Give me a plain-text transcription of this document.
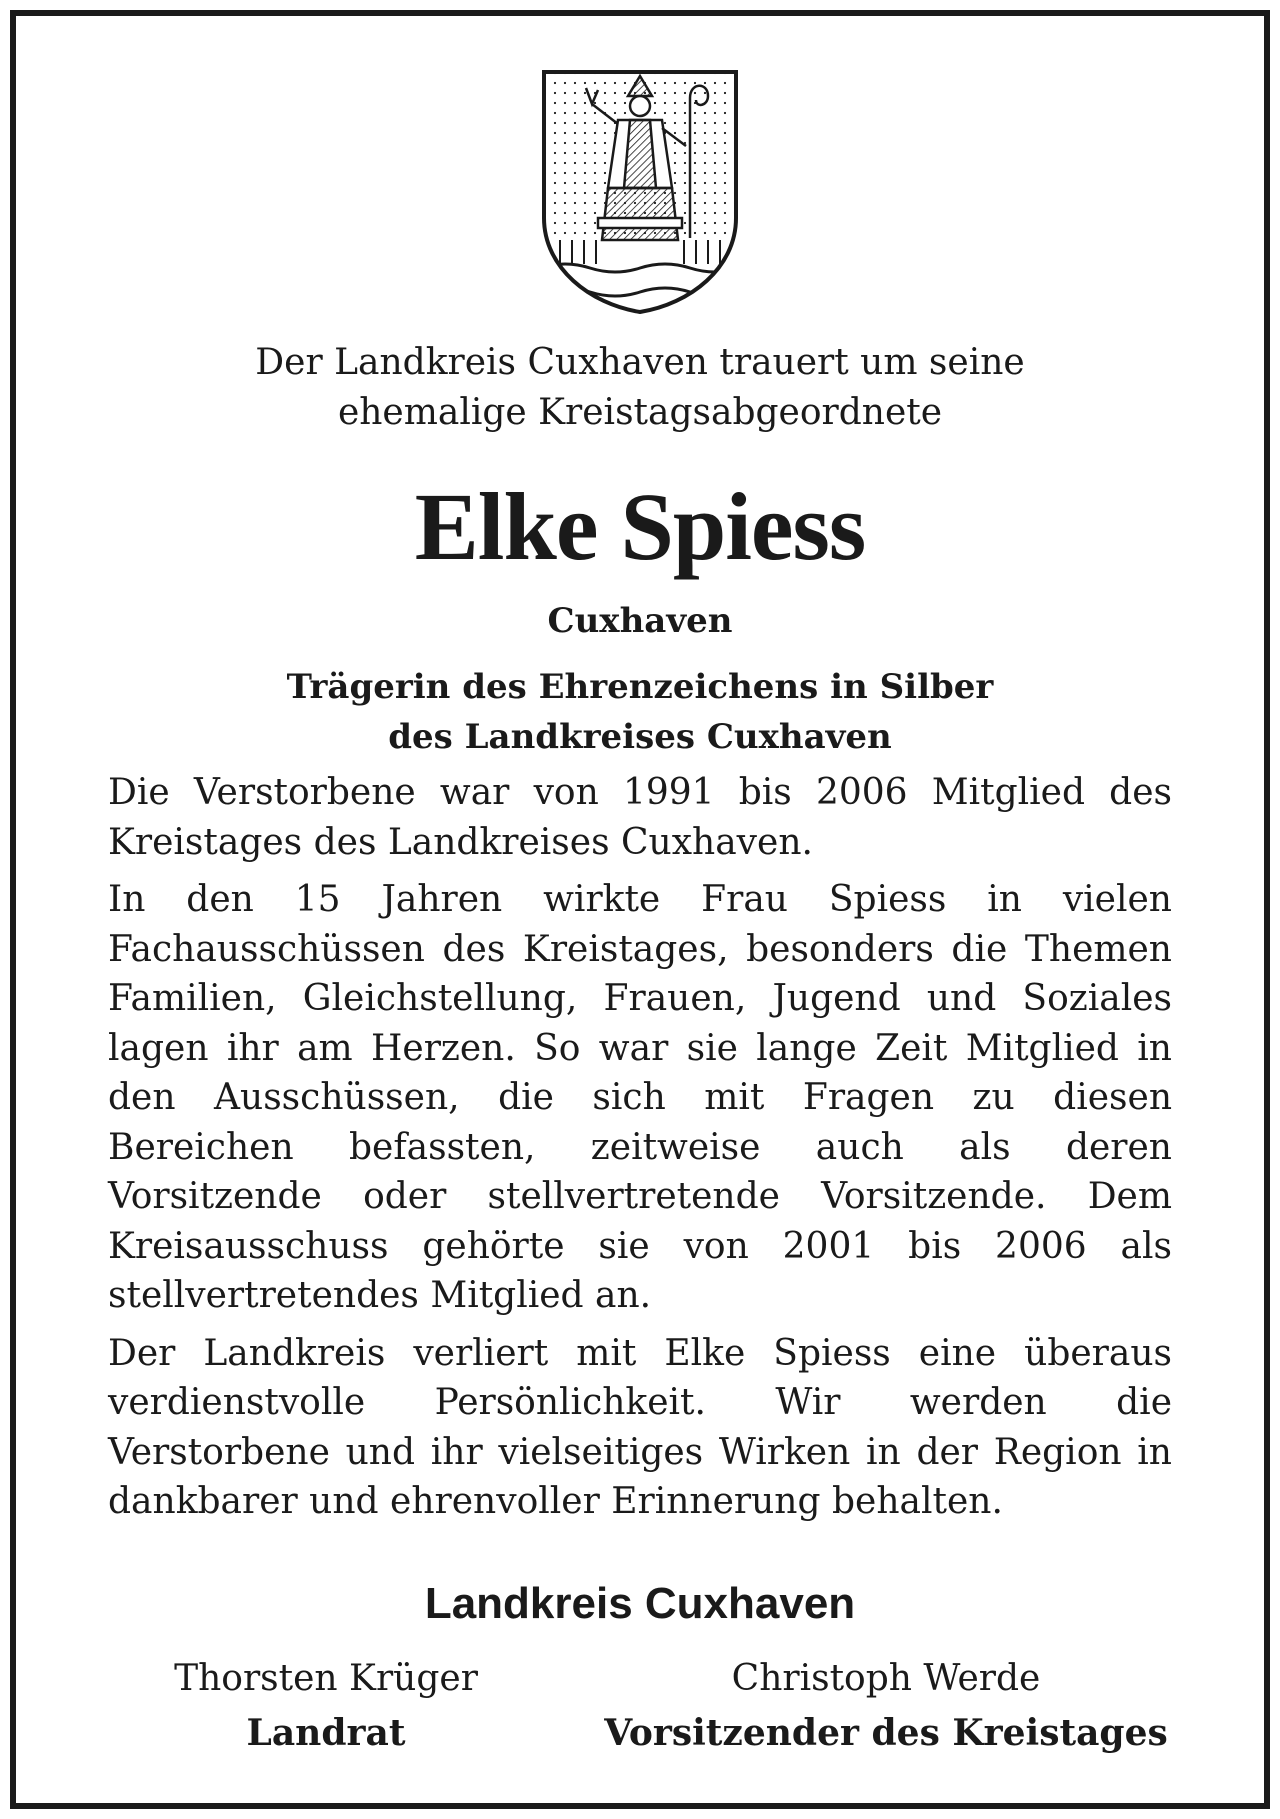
Der Landkreis Cuxhaven trauert um seine
ehemalige Kreistagsabgeordnete
Elke Spiess
Cuxhaven
Trägerin des Ehrenzeichens in Silber
des Landkreises Cuxhaven

Die Verstorbene war von 1991 bis 2006 Mitglied des Kreistages des Landkreises Cuxhaven.

In den 15 Jahren wirkte Frau Spiess in vielen Fachausschüssen des Kreistages, besonders die Themen Familien, Gleichstellung, Frauen, Jugend und Soziales lagen ihr am Herzen. So war sie lange Zeit Mitglied in den Ausschüssen, die sich mit Fragen zu diesen Bereichen befassten, zeitweise auch als deren Vorsitzende oder stellvertretende Vorsitzende. Dem Kreisausschuss gehörte sie von 2001 bis 2006 als stellvertretendes Mitglied an.

Der Landkreis verliert mit Elke Spiess eine überaus verdienstvolle Persönlichkeit. Wir werden die Verstorbene und ihr vielseitiges Wirken in der Region in dankbarer und ehrenvoller Erinnerung behalten.

Landkreis Cuxhaven
Thorsten Krüger
Landrat
Christoph Werde
Vorsitzender des Kreistages
